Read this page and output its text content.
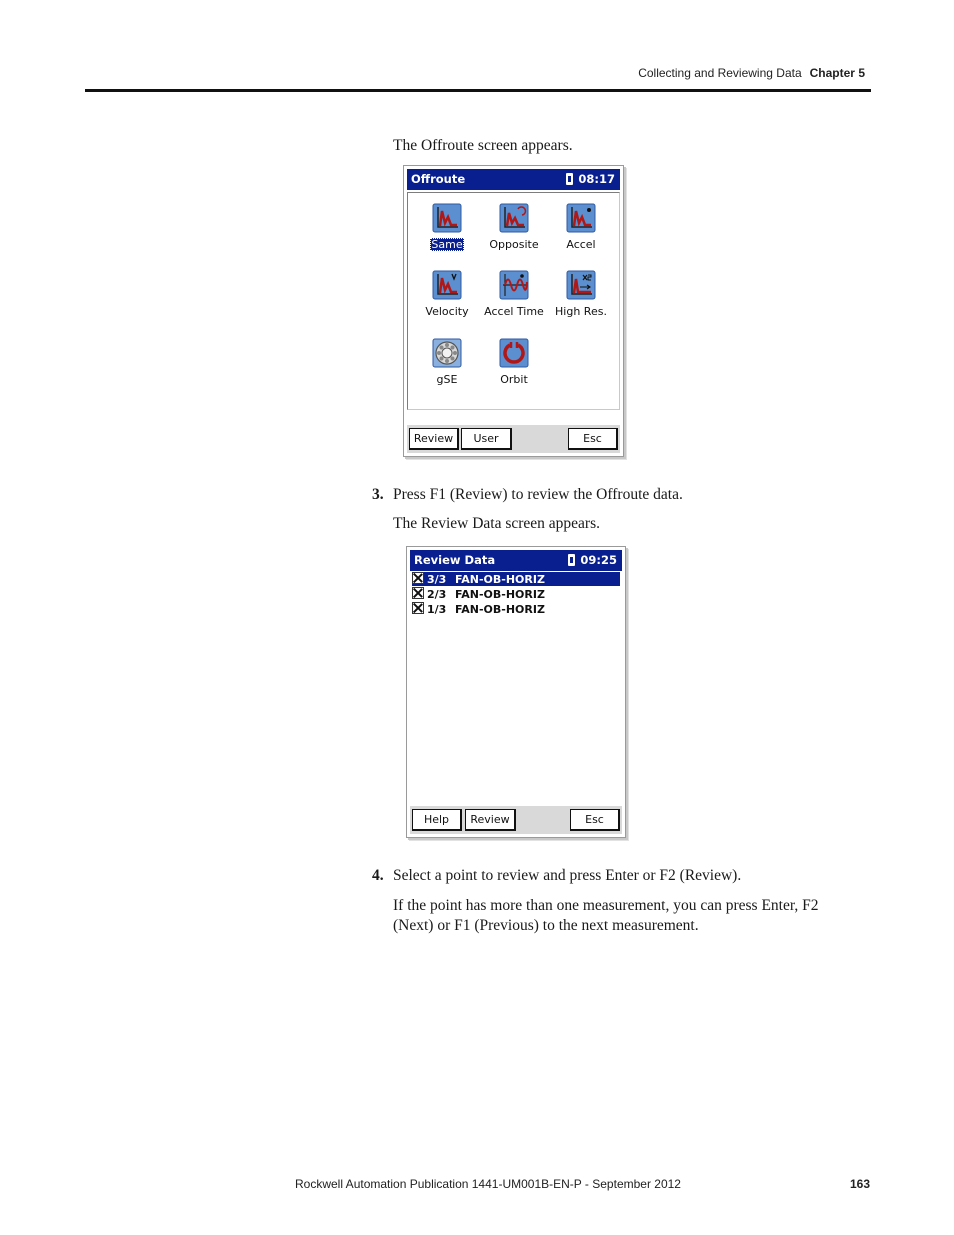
Collecting and Reviewing Data Chapter 5

The Offroute screen appears.

Offroute	08:17
Same	Opposite	Accel
Velocity	Accel Time	High Res.
gSE	Orbit
Review	User	Esc
3. Press F1 (Review) to review the Offroute data.

The Review Data screen appears.

Review Data	09:25
3/3 FAN-OB-HORIZ
2/3 FAN-OB-HORIZ
1/3 FAN-OB-HORIZ
Help	Review	Esc
4. Select a point to review and press Enter or F2 (Review).

If the point has more than one measurement, you can press Enter, F2

(Next) or F1 (Previous) to the next measurement.

Rockwell Automation Publication 1441-UM001B-EN-P - September 2012	163
